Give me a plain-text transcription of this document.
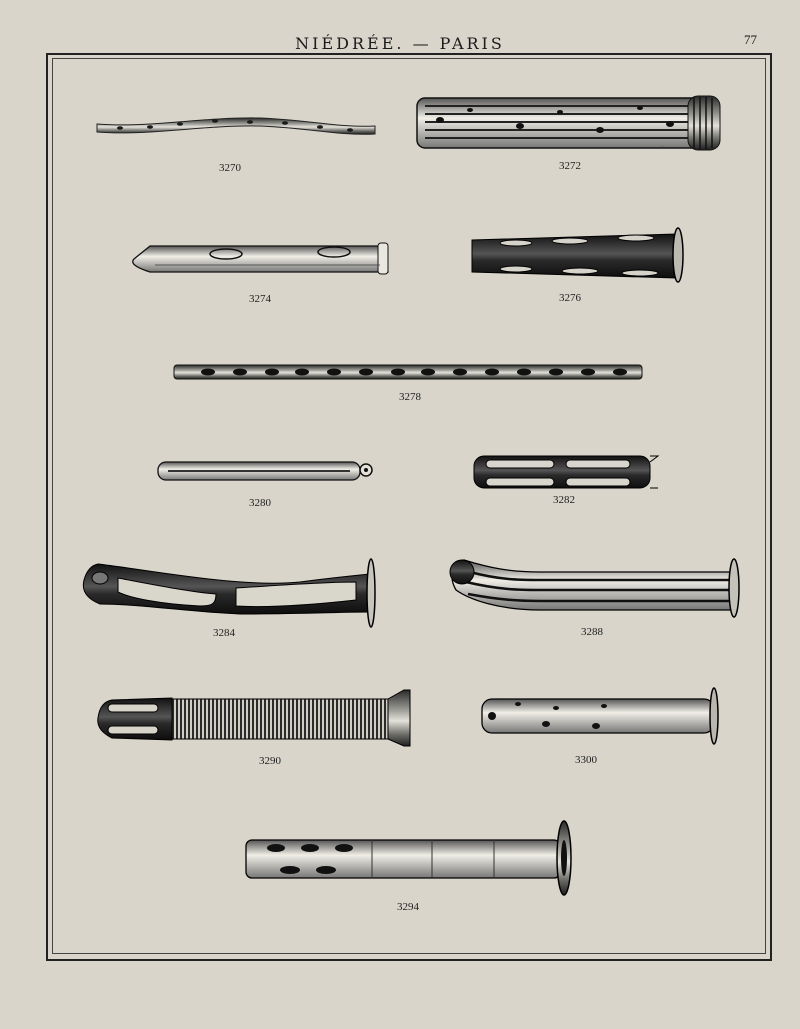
NIÉDRÉE. — PARIS	77
~
3270	3272
3274	3276
3278
3280	3282
3284	3288
3290	3300
3294
